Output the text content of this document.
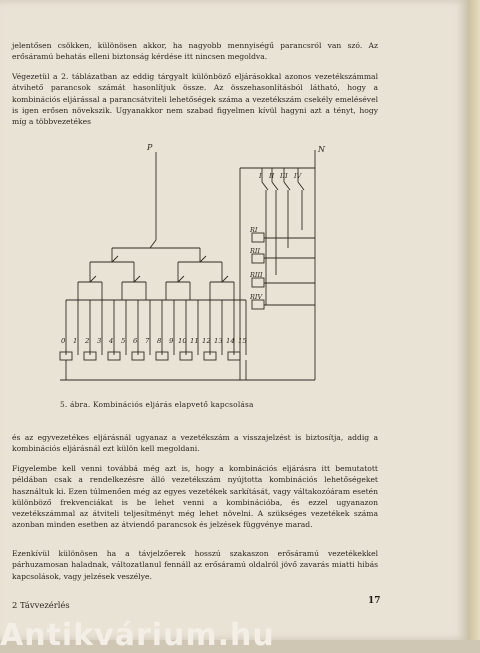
jelentősen csökken, különösen akkor, ha nagyobb mennyiségű parancsról van szó. Az erősáramú behatás elleni biztonság kérdése itt nincsen megoldva.

Végezetül a 2. táblázatban az eddig tárgyalt különböző eljárásokkal azonos vezetékszámmal átvihető parancsok számát hasonlítjuk össze. Az összehasonlításból látható, hogy a kombinációs eljárással a parancsátviteli lehetőségek száma a vezetékszám csekély emelésével is igen erősen növekszik. Ugyanakkor nem szabad figyelmen kívül hagyni azt a tényt, hogy míg a többvezetékes

P	N
I II III IV
RI
RII
RIII
RIV
0 1 2 3 4 5 6 7 8 9 10 11 12 13 14 15
5. ábra. Kombinációs eljárás elapvető kapcsolása

és az egyvezetékes eljárásnál ugyanaz a vezetékszám a visszajelzést is biztosítja, addig a kombinációs eljárásnál ezt külön kell megoldani.

Figyelembe kell venni továbbá még azt is, hogy a kombinációs eljárásra itt bemutatott példában csak a rendelkezésre álló vezetékszám nyújtotta kombinációs lehetőségeket használtuk ki. Ezen túlmenően még az egyes vezetékek sarkítását, vagy váltakozóáram esetén különböző frekvenciákat is be lehet venni a kombinációba, és ezzel ugyanazon vezetékszámmal az átviteli teljesítményt még lehet növelni. A szükséges vezetékek száma azonban minden esetben az átviendő parancsok és jelzések függvénye marad.

Ezenkívül különösen ha a távjelzőerek hosszú szakaszon erősáramú vezetékekkel párhuzamosan haladnak, változatlanul fennáll az erősáramú oldalról jövő zavarás miatti hibás kapcsolások, vagy jelzések veszélye.

2 Távvezérlés	17
Antikvárium.hu
